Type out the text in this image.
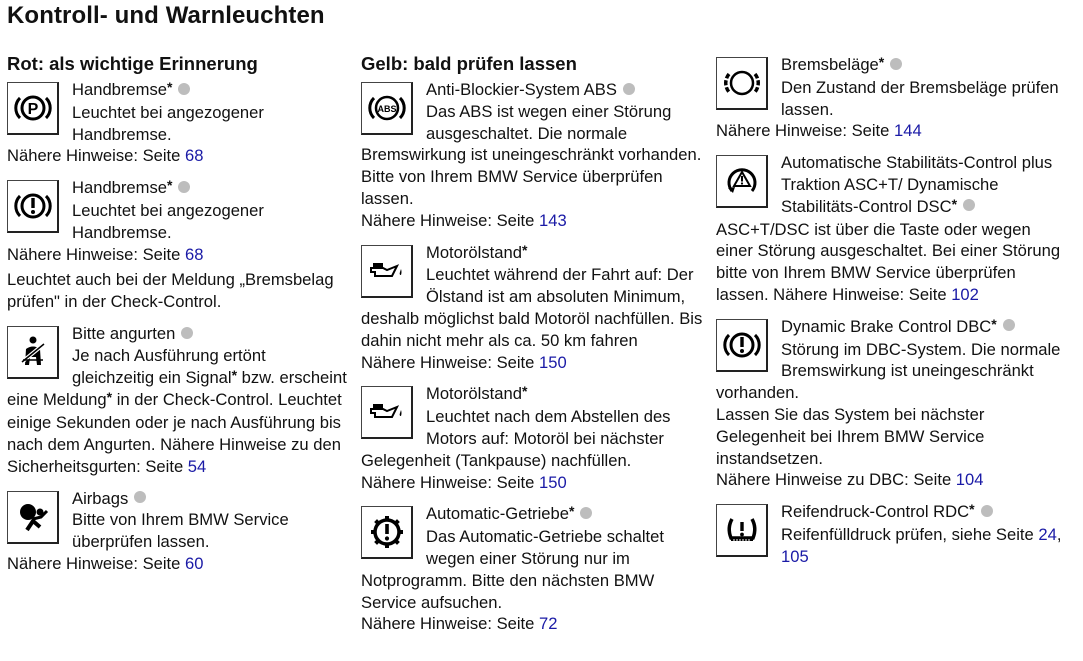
Kontroll- und Warnleuchten
Rot: als wichtige Erinnerung
P
Handbremse*
Leuchtet bei angezogener Handbremse.
Nähere Hinweise: Seite 68
Handbremse*
Leuchtet bei angezogener Handbremse.
Nähere Hinweise: Seite 68
Leuchtet auch bei der Meldung „Bremsbelag prüfen" in der Check-Control.
Bitte angurten
Je nach Ausführung ertönt gleichzeitig ein Signal* bzw. erscheint eine Meldung* in der Check-Control. Leuchtet einige Sekunden oder je nach Ausführung bis nach dem Angurten. Nähere Hinweise zu den Sicherheitsgurten: Seite 54
Airbags
Bitte von Ihrem BMW Service überprüfen lassen.
Nähere Hinweise: Seite 60
Gelb: bald prüfen lassen
ABS
Anti-Blockier-System ABS
Das ABS ist wegen einer Störung ausgeschaltet. Die normale Bremswirkung ist uneingeschränkt vorhanden. Bitte von Ihrem BMW Service überprüfen lassen.
Nähere Hinweise: Seite 143
Motorölstand*
Leuchtet während der Fahrt auf: Der Ölstand ist am absoluten Minimum, deshalb möglichst bald Motoröl nachfüllen. Bis dahin nicht mehr als ca. 50 km fahren
Nähere Hinweise: Seite 150
Motorölstand*
Leuchtet nach dem Abstellen des Motors auf: Motoröl bei nächster Gelegenheit (Tankpause) nachfüllen.
Nähere Hinweise: Seite 150
Automatic-Getriebe*
Das Automatic-Getriebe schaltet wegen einer Störung nur im Notprogramm. Bitte den nächsten BMW Service aufsuchen.
Nähere Hinweise: Seite 72
Bremsbeläge*
Den Zustand der Bremsbeläge prüfen lassen.
Nähere Hinweise: Seite 144
Automatische Stabilitäts-Control plus Traktion ASC+T/ Dynamische Stabilitäts-Control DSC*
ASC+T/DSC ist über die Taste oder wegen einer Störung ausgeschaltet. Bei einer Störung bitte von Ihrem BMW Service überprüfen lassen. Nähere Hinweise: Seite 102
Dynamic Brake Control DBC*
Störung im DBC-System. Die normale Bremswirkung ist uneingeschränkt vorhanden.
Lassen Sie das System bei nächster Gelegenheit bei Ihrem BMW Service instandsetzen.
Nähere Hinweise zu DBC: Seite 104
Reifendruck-Control RDC*
Reifenfülldruck prüfen, siehe Seite 24, 105
